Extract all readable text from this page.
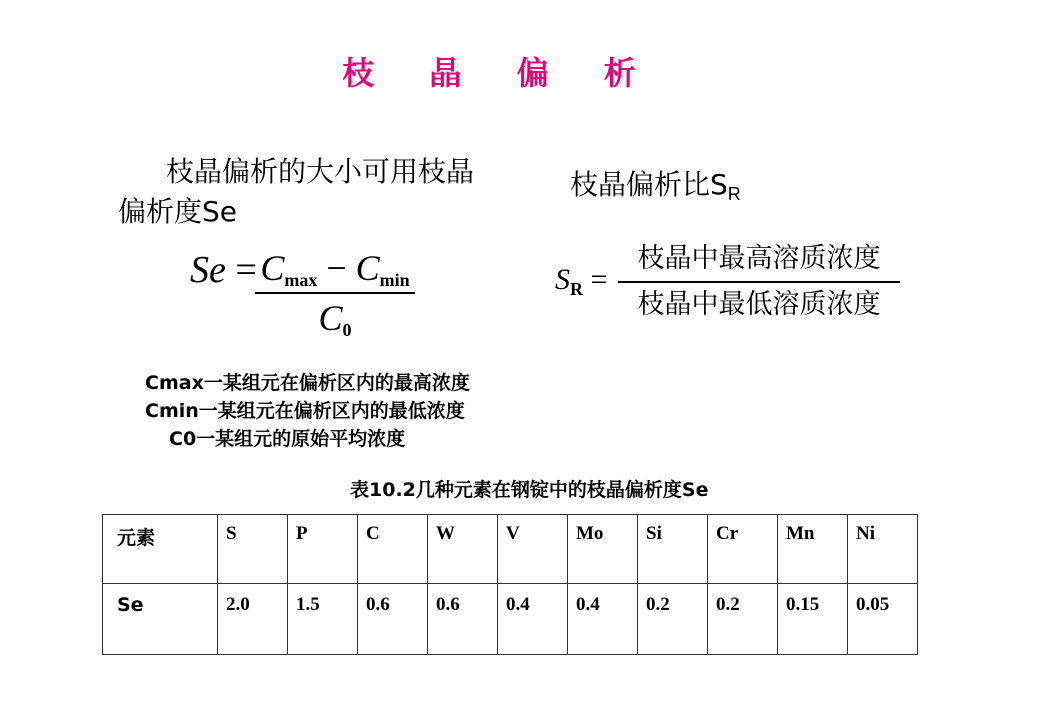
枝 晶 偏 析
枝晶偏析的大小可用枝晶
偏析度Se
枝晶偏析比$S_R$
Se = Cmax − Cmin
C0
$S_R$ =
枝晶中最高溶质浓度
枝晶中最低溶质浓度
Cmax一某组元在偏析区内的最高浓度
Cmin一某组元在偏析区内的最低浓度
C0一某组元的原始平均浓度
表10.2几种元素在钢锭中的枝晶偏析度Se
元素	S	P	C	W	V	Mo	Si	Cr	Mn	Ni
Se	2.0	1.5	0.6	0.6	0.4	0.4	0.2	0.2	0.15	0.05
